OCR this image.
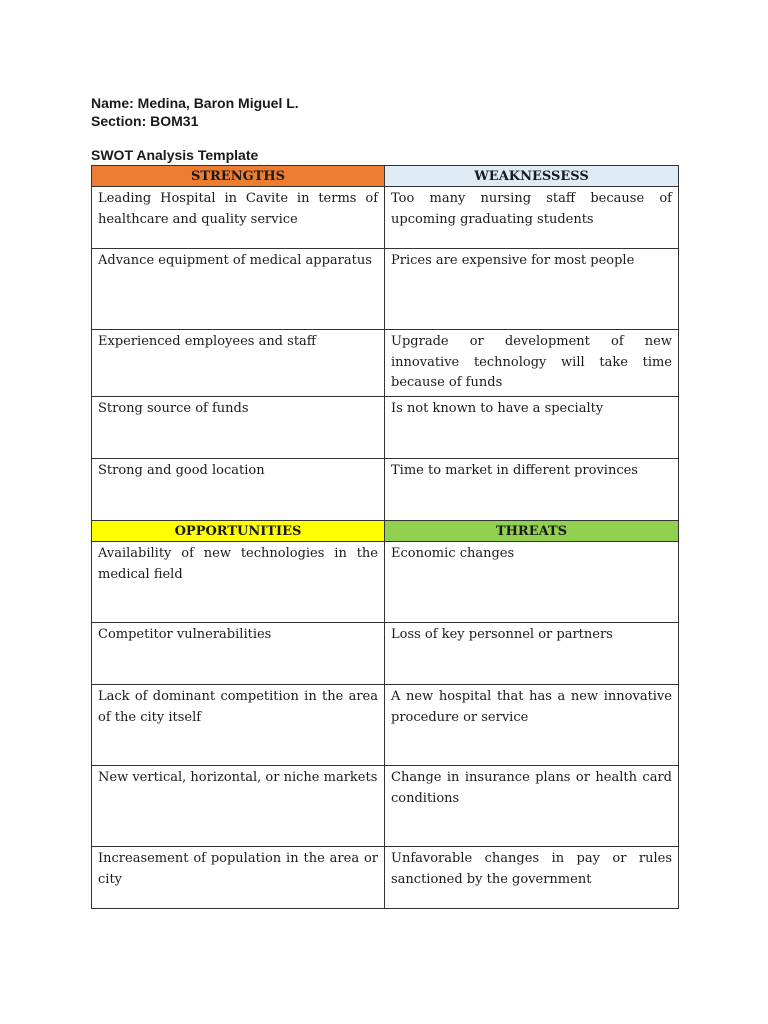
Name: Medina, Baron Miguel L.
Section: BOM31
SWOT Analysis Template
STRENGTHS	WEAKNESSESS
Leading Hospital in Cavite in terms of healthcare and quality service	Too many nursing staff because of upcoming graduating students
Advance equipment of medical apparatus	Prices are expensive for most people
Experienced employees and staff	Upgrade or development of new innovative technology will take time because of funds
Strong source of funds	Is not known to have a specialty
Strong and good location	Time to market in different provinces
OPPORTUNITIES	THREATS
Availability of new technologies in the medical field	Economic changes
Competitor vulnerabilities	Loss of key personnel or partners
Lack of dominant competition in the area of the city itself	A new hospital that has a new innovative procedure or service
New vertical, horizontal, or niche markets	Change in insurance plans or health card conditions
Increasement of population in the area or city	Unfavorable changes in pay or rules sanctioned by the government
